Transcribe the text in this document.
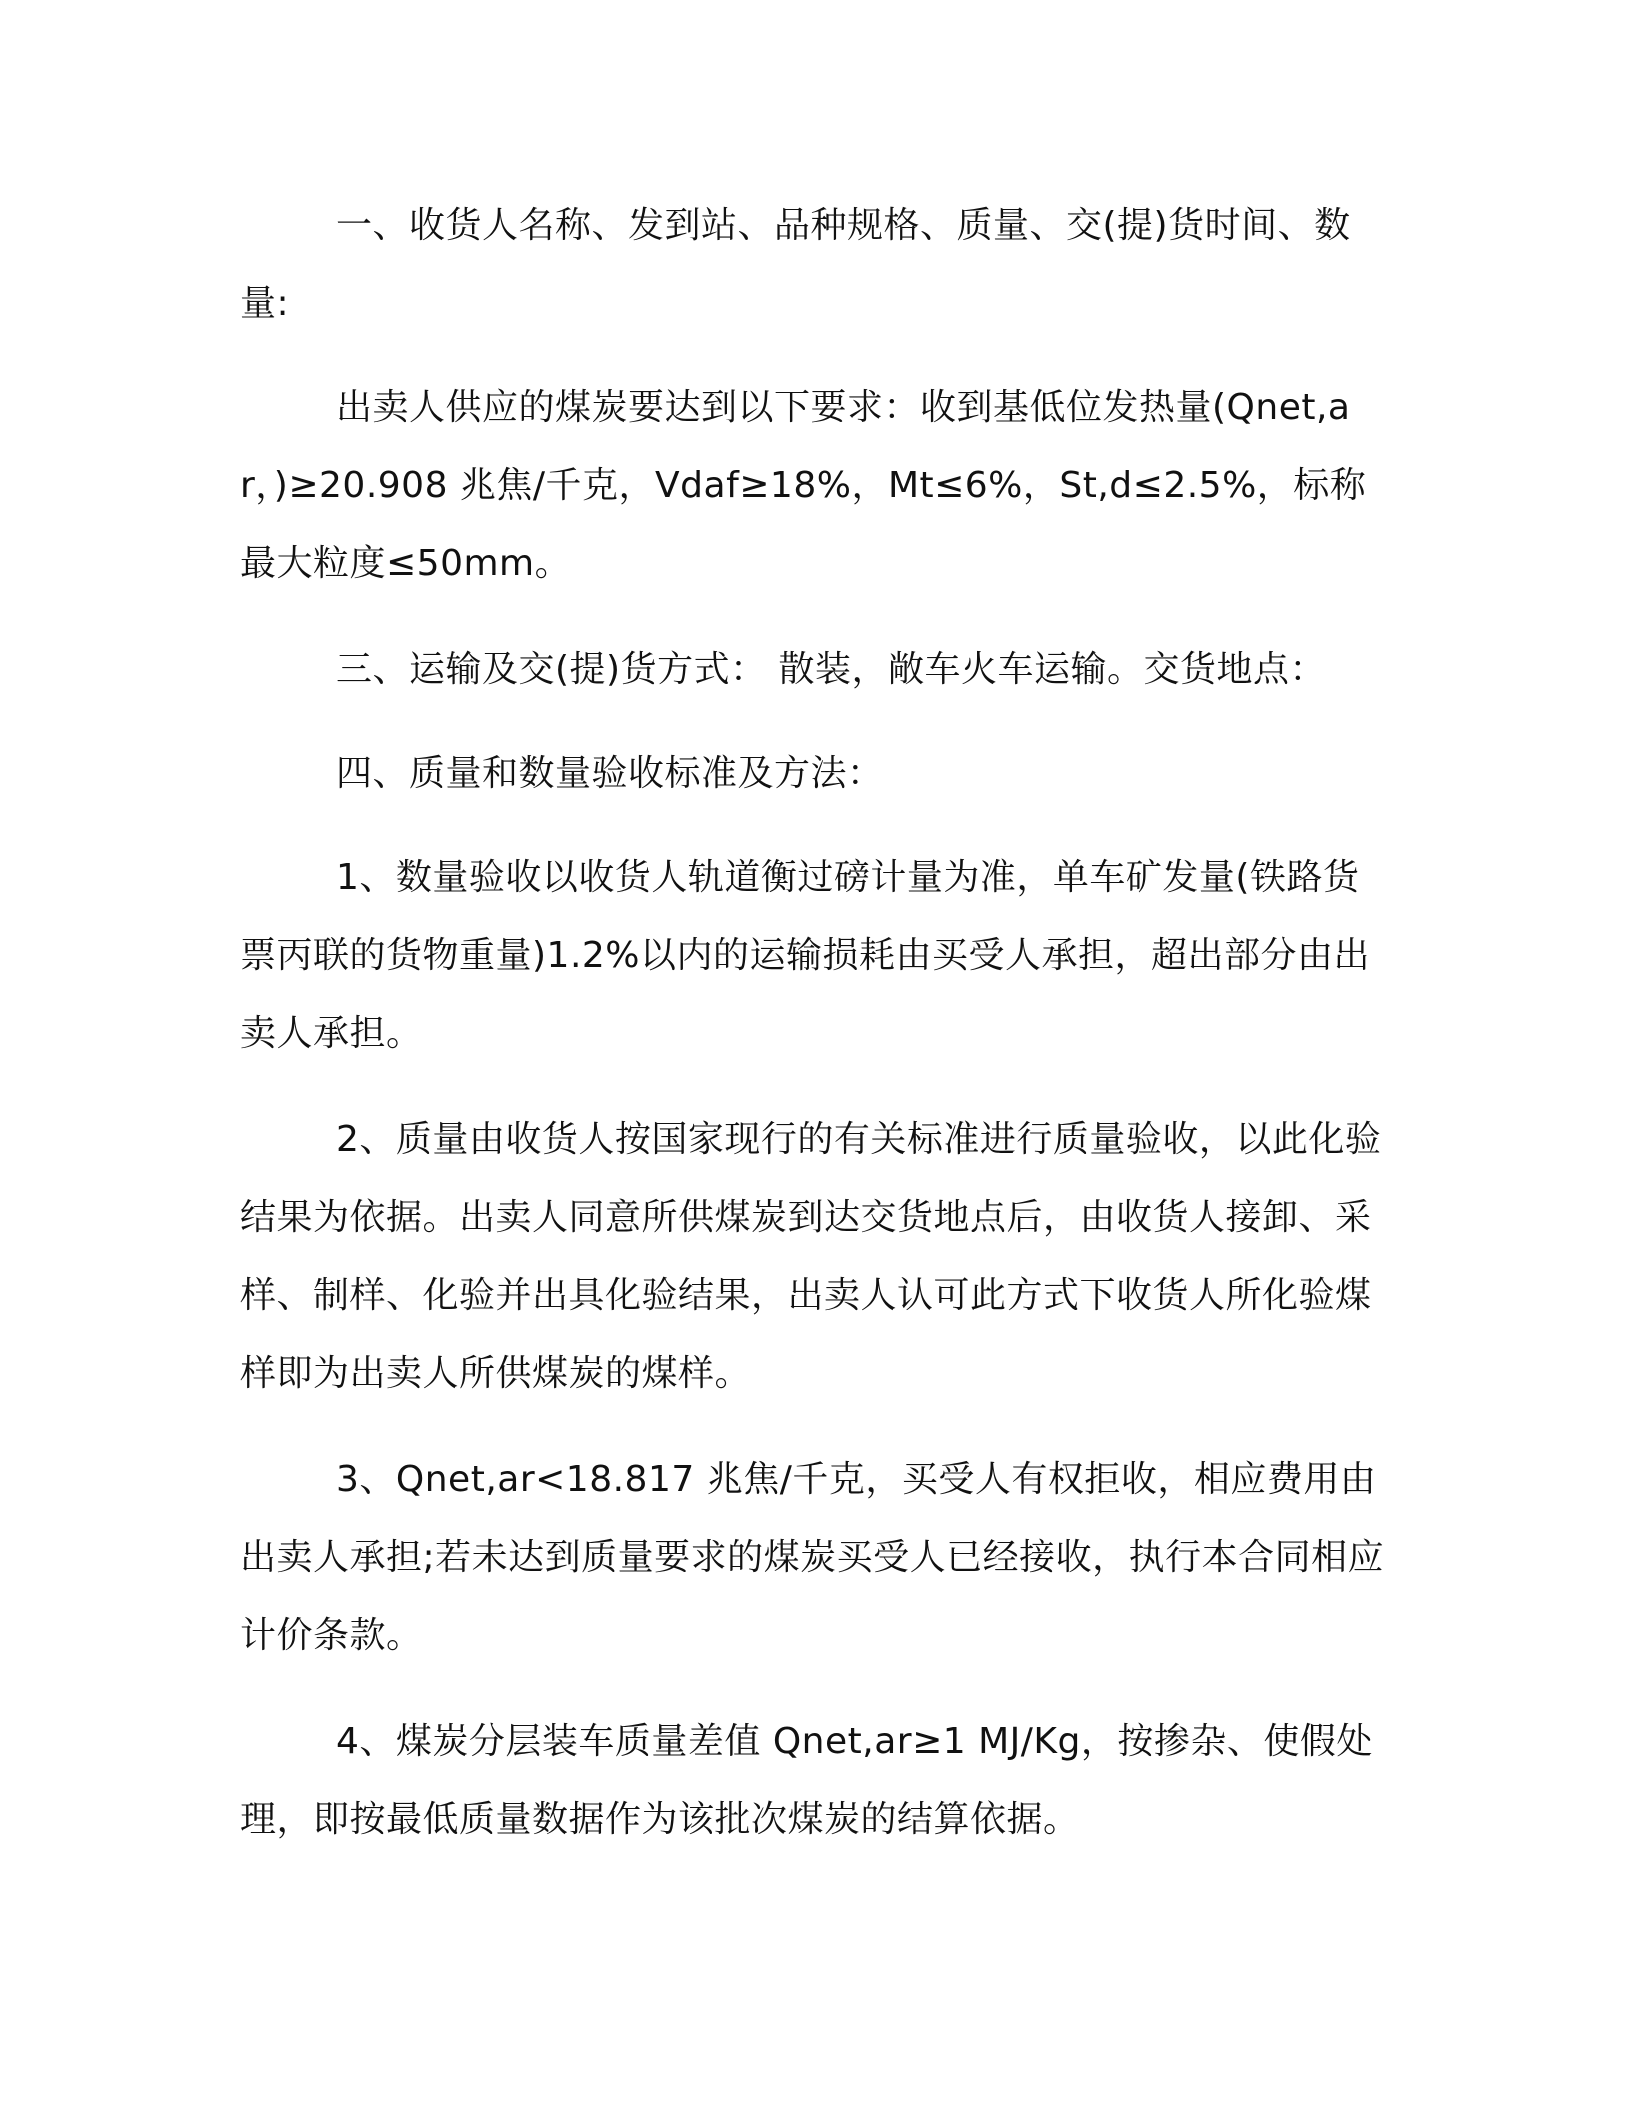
一、收货人名称、发到站、品种规格、质量、交(提)货时间、数量:

出卖人供应的煤炭要达到以下要求：收到基低位发热量(Qnet,ar，)≥20.908 兆焦/千克，Vdaf≥18%，Mt≤6%，St,d≤2.5%，标称最大粒度≤50mm。

三、运输及交(提)货方式： 散装，敞车火车运输。交货地点：

四、质量和数量验收标准及方法：

1、数量验收以收货人轨道衡过磅计量为准，单车矿发量(铁路货票丙联的货物重量)1.2%以内的运输损耗由买受人承担，超出部分由出卖人承担。

2、质量由收货人按国家现行的有关标准进行质量验收，以此化验结果为依据。出卖人同意所供煤炭到达交货地点后，由收货人接卸、采样、制样、化验并出具化验结果，出卖人认可此方式下收货人所化验煤样即为出卖人所供煤炭的煤样。

3、Qnet,ar<18.817 兆焦/千克，买受人有权拒收，相应费用由出卖人承担;若未达到质量要求的煤炭买受人已经接收，执行本合同相应计价条款。

4、煤炭分层装车质量差值 Qnet,ar≥1 MJ/Kg，按掺杂、使假处理，即按最低质量数据作为该批次煤炭的结算依据。
